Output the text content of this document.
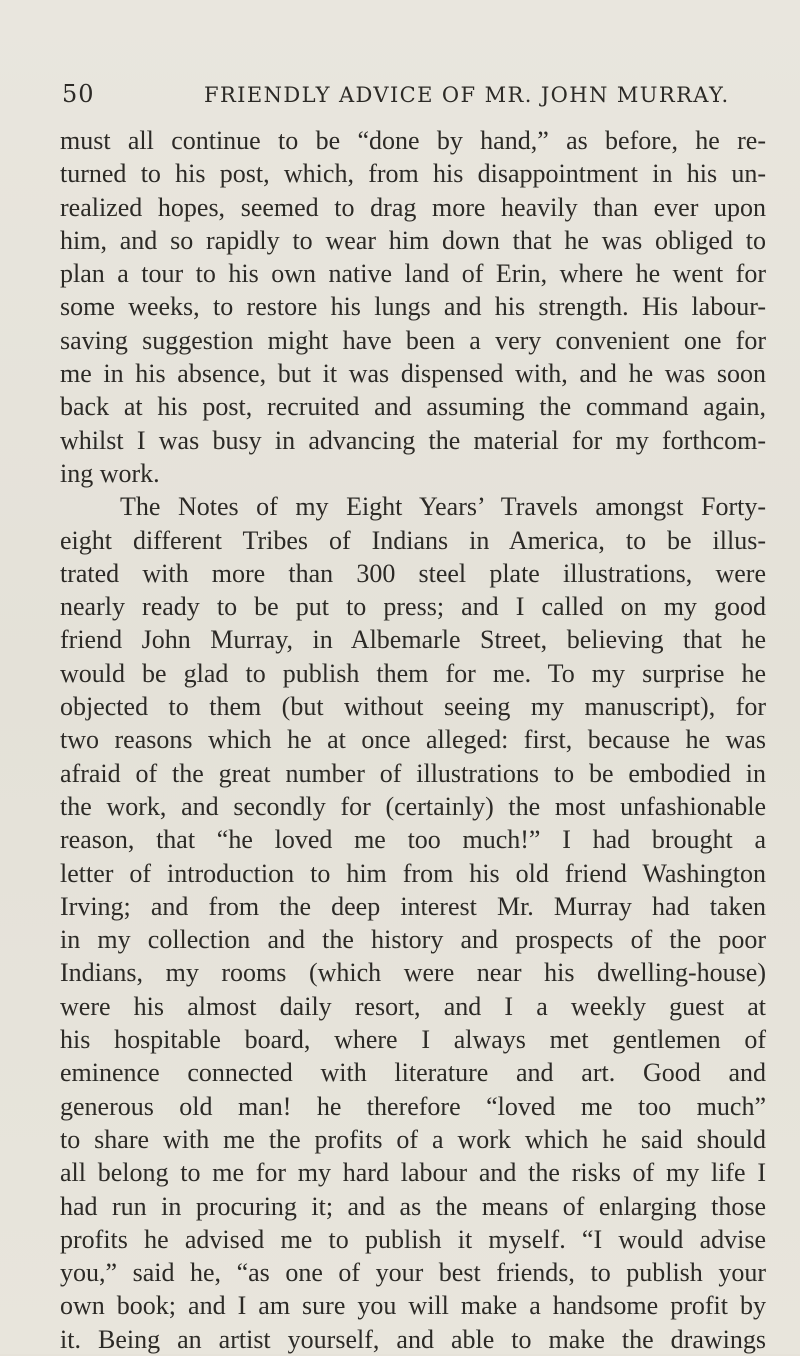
50	FRIENDLY ADVICE OF MR. JOHN MURRAY.
must all continue to be “done by hand,” as before, he re-
turned to his post, which, from his disappointment in his un-
realized hopes, seemed to drag more heavily than ever upon
him, and so rapidly to wear him down that he was obliged to
plan a tour to his own native land of Erin, where he went for
some weeks, to restore his lungs and his strength. His labour-
saving suggestion might have been a very convenient one for
me in his absence, but it was dispensed with, and he was soon
back at his post, recruited and assuming the command again,
whilst I was busy in advancing the material for my forthcom-
ing work.
The Notes of my Eight Years’ Travels amongst Forty-
eight different Tribes of Indians in America, to be illus-
trated with more than 300 steel plate illustrations, were
nearly ready to be put to press; and I called on my good
friend John Murray, in Albemarle Street, believing that he
would be glad to publish them for me. To my surprise he
objected to them (but without seeing my manuscript), for
two reasons which he at once alleged: first, because he was
afraid of the great number of illustrations to be embodied in
the work, and secondly for (certainly) the most unfashionable
reason, that “he loved me too much!” I had brought a
letter of introduction to him from his old friend Washington
Irving; and from the deep interest Mr. Murray had taken
in my collection and the history and prospects of the poor
Indians, my rooms (which were near his dwelling-house)
were his almost daily resort, and I a weekly guest at
his hospitable board, where I always met gentlemen of
eminence connected with literature and art. Good and
generous old man! he therefore “loved me too much”
to share with me the profits of a work which he said should
all belong to me for my hard labour and the risks of my life I
had run in procuring it; and as the means of enlarging those
profits he advised me to publish it myself. “I would advise
you,” said he, “as one of your best friends, to publish your
own book; and I am sure you will make a handsome profit by
it. Being an artist yourself, and able to make the drawings
